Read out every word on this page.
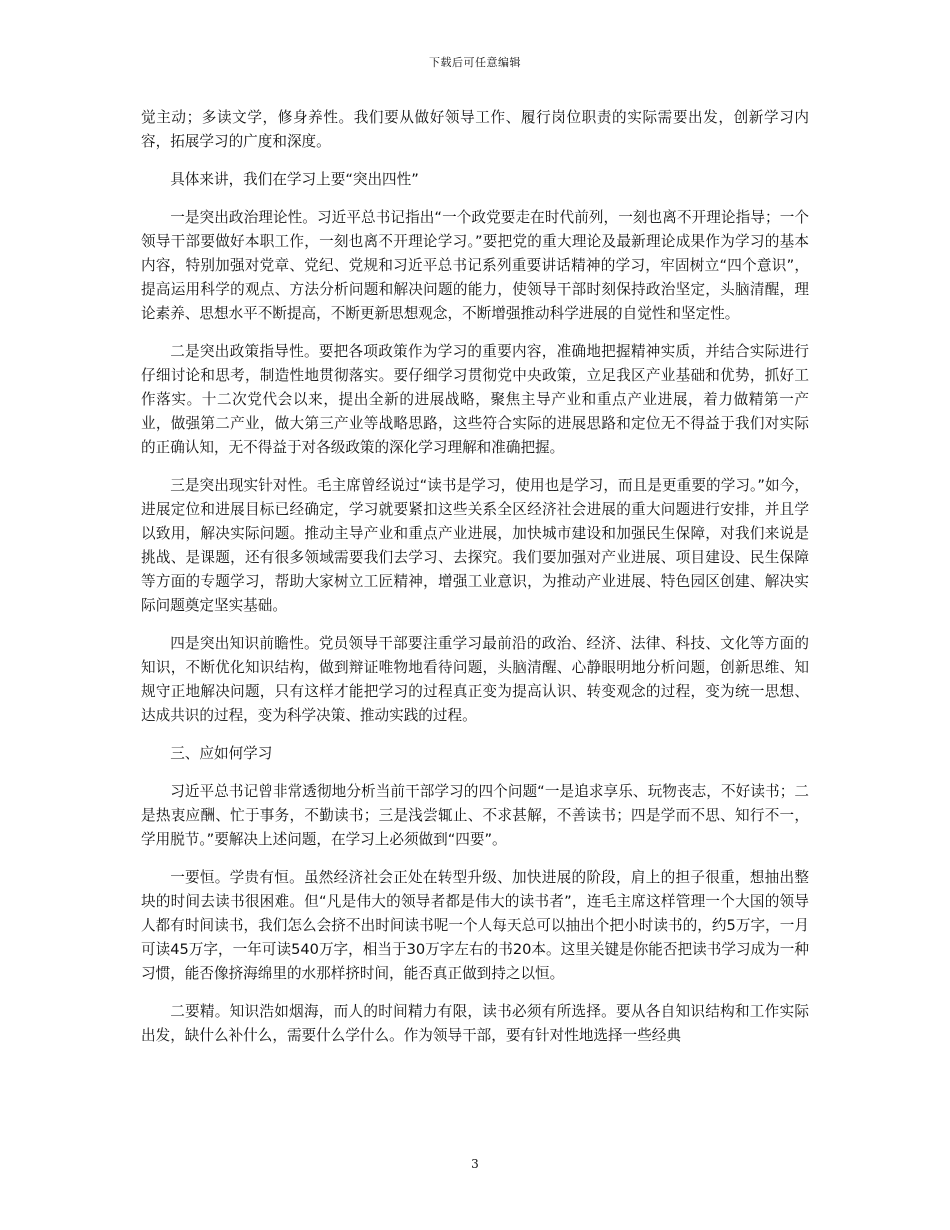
下载后可任意编辑

觉主动；多读文学，修身养性。我们要从做好领导工作、履行岗位职责的实际需要出发，创新学习内容，拓展学习的广度和深度。

具体来讲，我们在学习上要“突出四性”

一是突出政治理论性。习近平总书记指出“一个政党要走在时代前列，一刻也离不开理论指导；一个领导干部要做好本职工作，一刻也离不开理论学习。”要把党的重大理论及最新理论成果作为学习的基本内容，特别加强对党章、党纪、党规和习近平总书记系列重要讲话精神的学习，牢固树立“四个意识”，提高运用科学的观点、方法分析问题和解决问题的能力，使领导干部时刻保持政治坚定，头脑清醒，理论素养、思想水平不断提高，不断更新思想观念，不断增强推动科学进展的自觉性和坚定性。

二是突出政策指导性。要把各项政策作为学习的重要内容，准确地把握精神实质，并结合实际进行仔细讨论和思考，制造性地贯彻落实。要仔细学习贯彻党中央政策，立足我区产业基础和优势，抓好工作落实。十二次党代会以来，提出全新的进展战略，聚焦主导产业和重点产业进展，着力做精第一产业，做强第二产业，做大第三产业等战略思路，这些符合实际的进展思路和定位无不得益于我们对实际的正确认知，无不得益于对各级政策的深化学习理解和准确把握。

三是突出现实针对性。毛主席曾经说过“读书是学习，使用也是学习，而且是更重要的学习。”如今，进展定位和进展目标已经确定，学习就要紧扣这些关系全区经济社会进展的重大问题进行安排，并且学以致用，解决实际问题。推动主导产业和重点产业进展，加快城市建设和加强民生保障，对我们来说是挑战、是课题，还有很多领域需要我们去学习、去探究。我们要加强对产业进展、项目建设、民生保障等方面的专题学习，帮助大家树立工匠精神，增强工业意识，为推动产业进展、特色园区创建、解决实际问题奠定坚实基础。

四是突出知识前瞻性。党员领导干部要注重学习最前沿的政治、经济、法律、科技、文化等方面的知识，不断优化知识结构，做到辩证唯物地看待问题，头脑清醒、心静眼明地分析问题，创新思维、知规守正地解决问题，只有这样才能把学习的过程真正变为提高认识、转变观念的过程，变为统一思想、达成共识的过程，变为科学决策、推动实践的过程。

三、应如何学习

习近平总书记曾非常透彻地分析当前干部学习的四个问题“一是追求享乐、玩物丧志，不好读书；二是热衷应酬、忙于事务，不勤读书；三是浅尝辄止、不求甚解，不善读书；四是学而不思、知行不一，学用脱节。”要解决上述问题，在学习上必须做到“四要”。

一要恒。学贵有恒。虽然经济社会正处在转型升级、加快进展的阶段，肩上的担子很重，想抽出整块的时间去读书很困难。但“凡是伟大的领导者都是伟大的读书者”，连毛主席这样管理一个大国的领导人都有时间读书，我们怎么会挤不出时间读书呢一个人每天总可以抽出个把小时读书的，约5万字，一月可读45万字，一年可读540万字，相当于30万字左右的书20本。这里关键是你能否把读书学习成为一种习惯，能否像挤海绵里的水那样挤时间，能否真正做到持之以恒。

二要精。知识浩如烟海，而人的时间精力有限，读书必须有所选择。要从各自知识结构和工作实际出发，缺什么补什么，需要什么学什么。作为领导干部，要有针对性地选择一些经典

3
